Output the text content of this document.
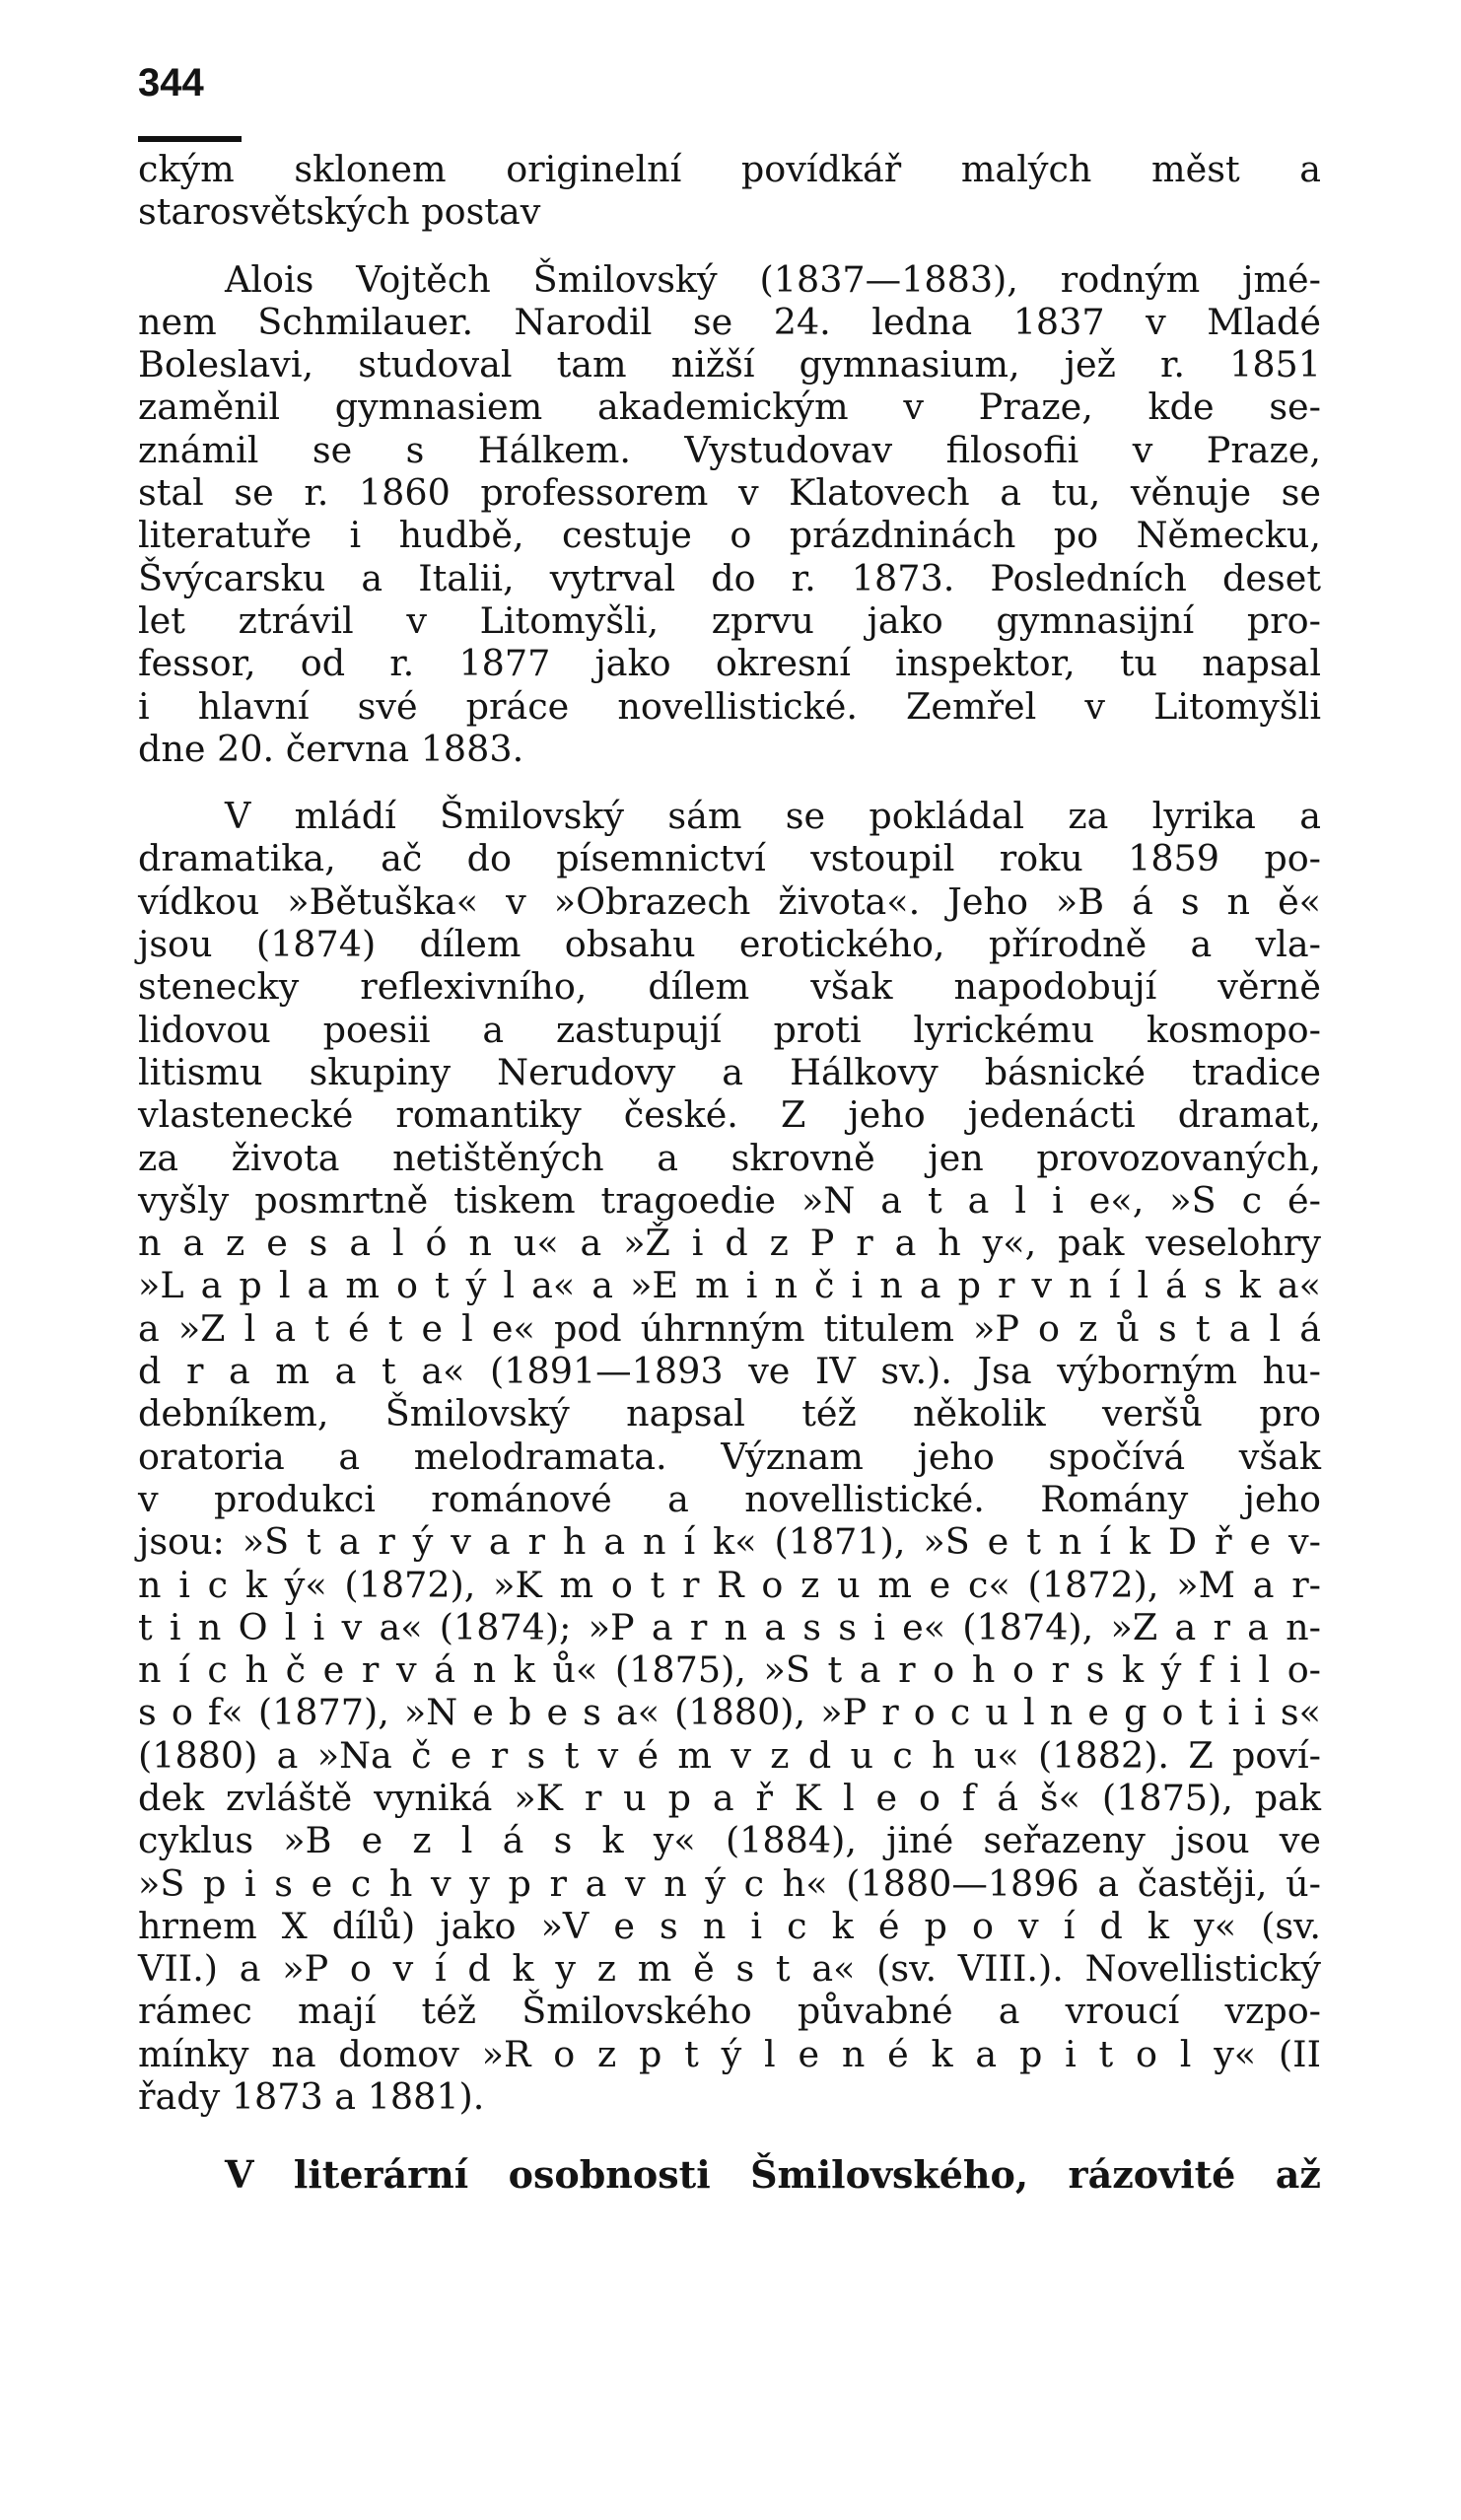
344
ckým sklonem originelní povídkář malých měst a
starosvětských postav
Alois Vojtěch Šmilovský (1837—1883), rodným jmé-
nem Schmilauer. Narodil se 24. ledna 1837 v Mladé
Boleslavi, studoval tam nižší gymnasium, jež r. 1851
zaměnil gymnasiem akademickým v Praze, kde se-
známil se s Hálkem. Vystudovav filosofii v Praze,
stal se r. 1860 professorem v Klatovech a tu, věnuje se
literatuře i hudbě, cestuje o prázdninách po Německu,
Švýcarsku a Italii, vytrval do r. 1873. Posledních deset
let ztrávil v Litomyšli, zprvu jako gymnasijní pro-
fessor, od r. 1877 jako okresní inspektor, tu napsal
i hlavní své práce novellistické. Zemřel v Litomyšli
dne 20. června 1883.
V mládí Šmilovský sám se pokládal za lyrika a
dramatika, ač do písemnictví vstoupil roku 1859 po-
vídkou »Bětuška« v »Obrazech života«. Jeho »B á s n ě«
jsou (1874) dílem obsahu erotického, přírodně a vla-
stenecky reflexivního, dílem však napodobují věrně
lidovou poesii a zastupují proti lyrickému kosmopo-
litismu skupiny Nerudovy a Hálkovy básnické tradice
vlastenecké romantiky české. Z jeho jedenácti dramat,
za života netištěných a skrovně jen provozovaných,
vyšly posmrtně tiskem tragoedie »N a t a l i e«, »S c é-
n a z e s a l ó n u« a »Ž i d z P r a h y«, pak veselohry
»L a p l a m o t ý l a« a »E m i n č i n a p r v n í l á s k a«
a »Z l a t é t e l e« pod úhrnným titulem »P o z ů s t a l á
d r a m a t a« (1891—1893 ve IV sv.). Jsa výborným hu-
debníkem, Šmilovský napsal též několik veršů pro
oratoria a melodramata. Význam jeho spočívá však
v produkci románové a novellistické. Romány jeho
jsou: »S t a r ý v a r h a n í k« (1871), »S e t n í k D ř e v-
n i c k ý« (1872), »K m o t r R o z u m e c« (1872), »M a r-
t i n O l i v a« (1874); »P a r n a s s i e« (1874), »Z a r a n-
n í c h č e r v á n k ů« (1875), »S t a r o h o r s k ý f i l o-
s o f« (1877), »N e b e s a« (1880), »P r o c u l n e g o t i i s«
(1880) a »Na č e r s t v é m v z d u c h u« (1882). Z poví-
dek zvláště vyniká »K r u p a ř K l e o f á š« (1875), pak
cyklus »B e z l á s k y« (1884), jiné seřazeny jsou ve
»S p i s e c h v y p r a v n ý c h« (1880—1896 a častěji, ú-
hrnem X dílů) jako »V e s n i c k é p o v í d k y« (sv.
VII.) a »P o v í d k y z m ě s t a« (sv. VIII.). Novellistický
rámec mají též Šmilovského půvabné a vroucí vzpo-
mínky na domov »R o z p t ý l e n é k a p i t o l y« (II
řady 1873 a 1881).
V literární osobnosti Šmilovského, rázovité až
